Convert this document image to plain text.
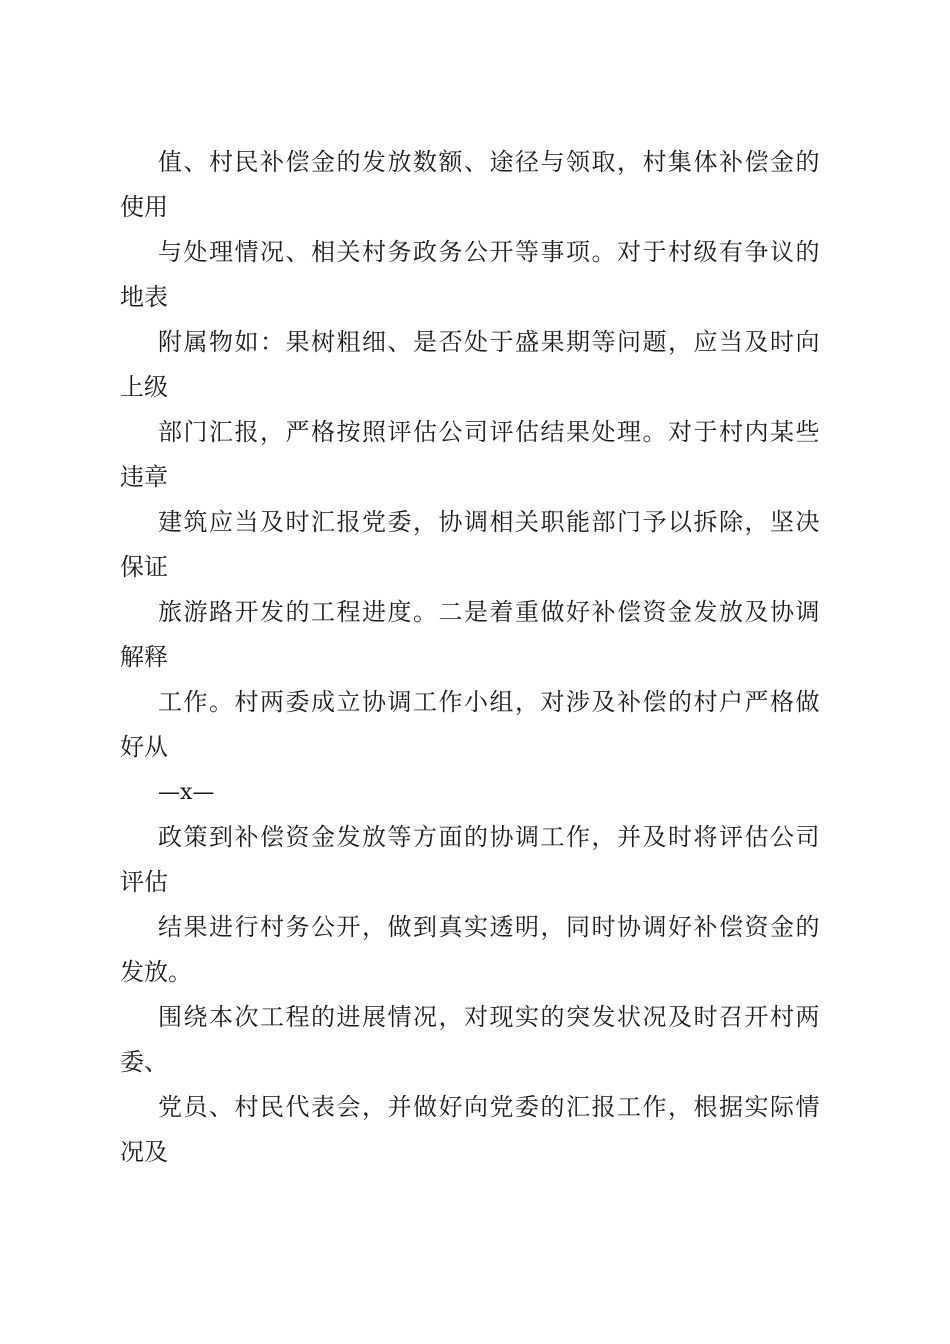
值、村民补偿金的发放数额、途径与领取，村集体补偿金的
使用

与处理情况、相关村务政务公开等事项。对于村级有争议的
地表

附属物如：果树粗细、是否处于盛果期等问题，应当及时向
上级

部门汇报，严格按照评估公司评估结果处理。对于村内某些
违章

建筑应当及时汇报党委，协调相关职能部门予以拆除，坚决
保证

旅游路开发的工程进度。二是着重做好补偿资金发放及协调
解释

工作。村两委成立协调工作小组，对涉及补偿的村户严格做
好从

—x—

政策到补偿资金发放等方面的协调工作，并及时将评估公司
评估

结果进行村务公开，做到真实透明，同时协调好补偿资金的
发放。

围绕本次工程的进展情况，对现实的突发状况及时召开村两
委、

党员、村民代表会，并做好向党委的汇报工作，根据实际情
况及
